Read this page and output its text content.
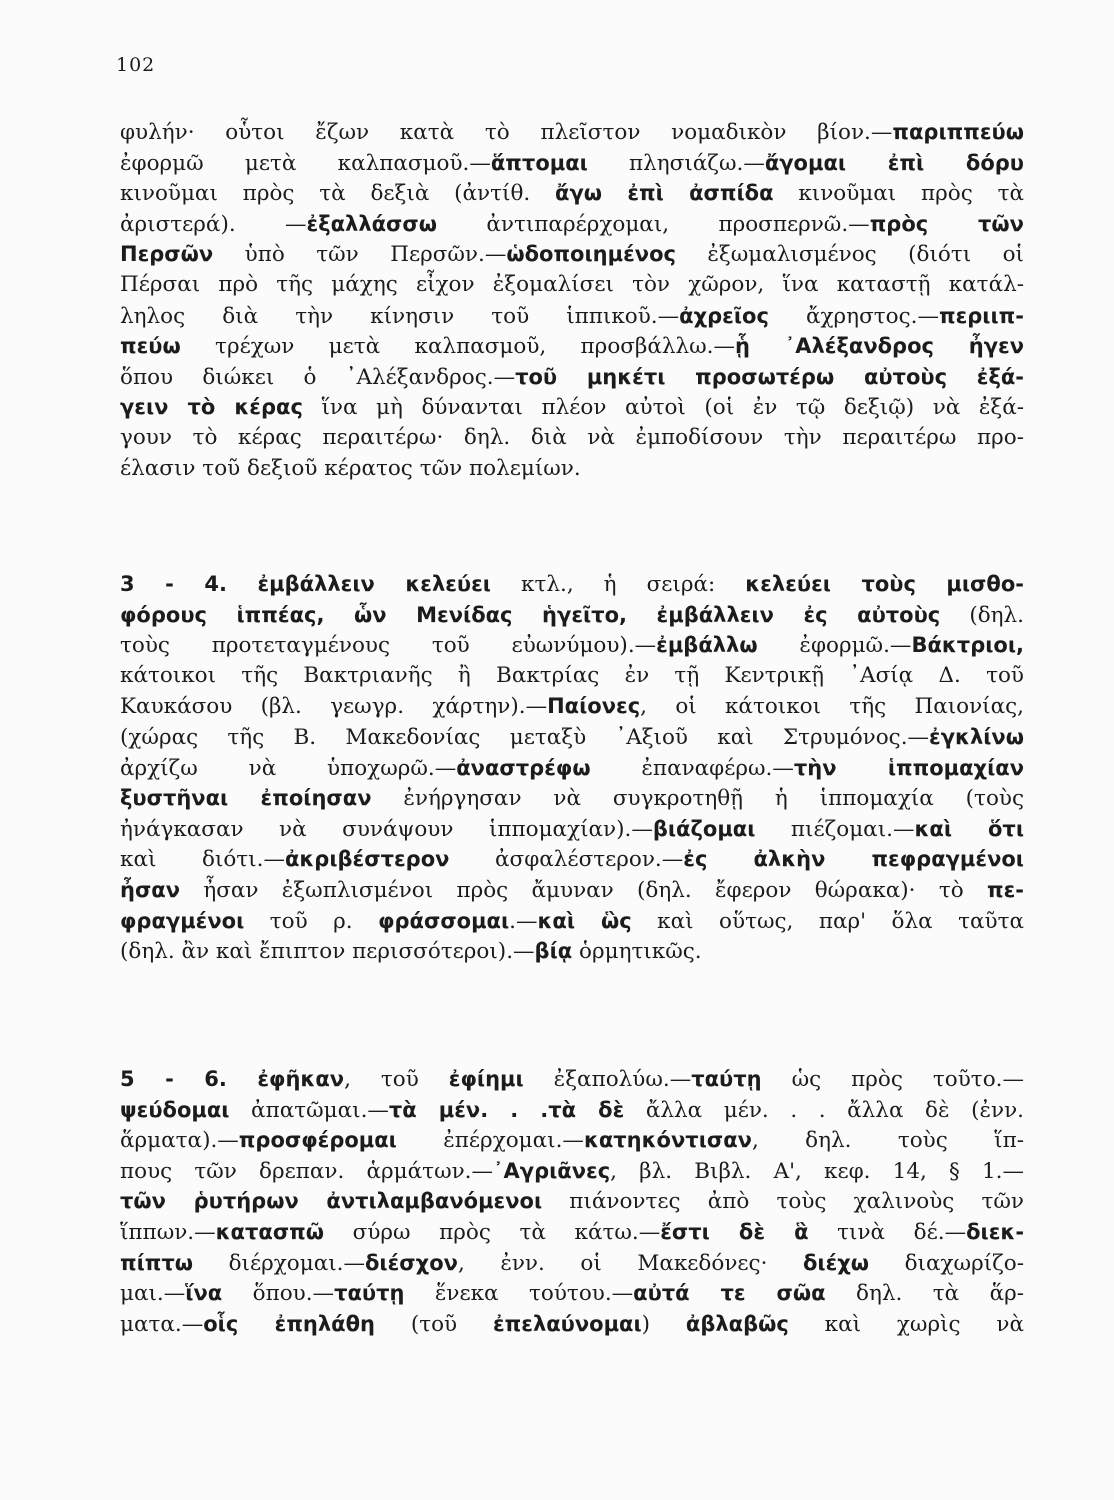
102
φυλήν· οὗτοι ἔζων κατὰ τὸ πλεῖστον νομαδικὸν βίον.—παριππεύω
ἐφορμῶ μετὰ καλπασμοῦ.—ἅπτομαι πλησιάζω.—ἄγομαι ἐπὶ δόρυ
κινοῦμαι πρὸς τὰ δεξιὰ (ἀντίθ. ἄγω ἐπὶ ἀσπίδα κινοῦμαι πρὸς τὰ
ἀριστερά). —ἐξαλλάσσω ἀντιπαρέρχομαι, προσπερνῶ.—πρὸς τῶν
Περσῶν ὑπὸ τῶν Περσῶν.—ὡδοποιημένος ἐξωμαλισμένος (διότι οἱ
Πέρσαι πρὸ τῆς μάχης εἶχον ἐξομαλίσει τὸν χῶρον, ἵνα καταστῇ κατάλ-
ληλος διὰ τὴν κίνησιν τοῦ ἱππικοῦ.—ἀχρεῖος ἄχρηστος.—περιιπ-
πεύω τρέχων μετὰ καλπασμοῦ, προσβάλλω.—ᾗ ᾿Αλέξανδρος ἦγεν
ὅπου διώκει ὁ ᾿Αλέξανδρος.—τοῦ μηκέτι προσωτέρω αὐτοὺς ἐξά-
γειν τὸ κέρας ἵνα μὴ δύνανται πλέον αὐτοὶ (οἱ ἐν τῷ δεξιῷ) νὰ ἐξά-
γουν τὸ κέρας περαιτέρω· δηλ. διὰ νὰ ἐμποδίσουν τὴν περαιτέρω προ-
έλασιν τοῦ δεξιοῦ κέρατος τῶν πολεμίων.
3 - 4. ἐμβάλλειν κελεύει κτλ., ἡ σειρά: κελεύει τοὺς μισθο-
φόρους ἱππέας, ὧν Μενίδας ἡγεῖτο, ἐμβάλλειν ἐς αὐτοὺς (δηλ.
τοὺς προτεταγμένους τοῦ εὐωνύμου).—ἐμβάλλω ἐφορμῶ.—Βάκτριοι,
κάτοικοι τῆς Βακτριανῆς ἢ Βακτρίας ἐν τῇ Κεντρικῇ ᾿Ασίᾳ Δ. τοῦ
Καυκάσου (βλ. γεωγρ. χάρτην).—Παίονες, οἱ κάτοικοι τῆς Παιονίας,
(χώρας τῆς Β. Μακεδονίας μεταξὺ ᾿Αξιοῦ καὶ Στρυμόνος.—ἐγκλίνω
ἀρχίζω νὰ ὑποχωρῶ.—ἀναστρέφω ἐπαναφέρω.—τὴν ἱππομαχίαν
ξυστῆναι ἐποίησαν ἐνήργησαν νὰ συγκροτηθῇ ἡ ἱππομαχία (τοὺς
ἠνάγκασαν νὰ συνάψουν ἱππομαχίαν).—βιάζομαι πιέζομαι.—καὶ ὅτι
καὶ διότι.—ἀκριβέστερον ἀσφαλέστερον.—ἐς ἀλκὴν πεφραγμένοι
ἦσαν ἦσαν ἐξωπλισμένοι πρὸς ἄμυναν (δηλ. ἔφερον θώρακα)· τὸ πε-
φραγμένοι τοῦ ρ. φράσσομαι.—καὶ ὣς καὶ οὕτως, παρ' ὅλα ταῦτα
(δηλ. ἂν καὶ ἔπιπτον περισσότεροι).—βίᾳ ὁρμητικῶς.
5 - 6. ἐφῆκαν, τοῦ ἐφίημι ἐξαπολύω.—ταύτῃ ὡς πρὸς τοῦτο.—
ψεύδομαι ἀπατῶμαι.—τὰ μέν. . .τὰ δὲ ἄλλα μέν. . . ἄλλα δὲ (ἐνν.
ἅρματα).—προσφέρομαι ἐπέρχομαι.—κατηκόντισαν, δηλ. τοὺς ἵπ-
πους τῶν δρεπαν. ἁρμάτων.—᾿Αγριᾶνες, βλ. Βιβλ. Α', κεφ. 14, § 1.—
τῶν ῥυτήρων ἀντιλαμβανόμενοι πιάνοντες ἀπὸ τοὺς χαλινοὺς τῶν
ἵππων.—κατασπῶ σύρω πρὸς τὰ κάτω.—ἔστι δὲ ἃ τινὰ δέ.—διεκ-
πίπτω διέρχομαι.—διέσχον, ἐνν. οἱ Μακεδόνες· διέχω διαχωρίζο-
μαι.—ἵνα ὅπου.—ταύτῃ ἕνεκα τούτου.—αὐτά τε σῶα δηλ. τὰ ἅρ-
ματα.—οἷς ἐπηλάθη (τοῦ ἐπελαύνομαι) ἀβλαβῶς καὶ χωρὶς νὰ
